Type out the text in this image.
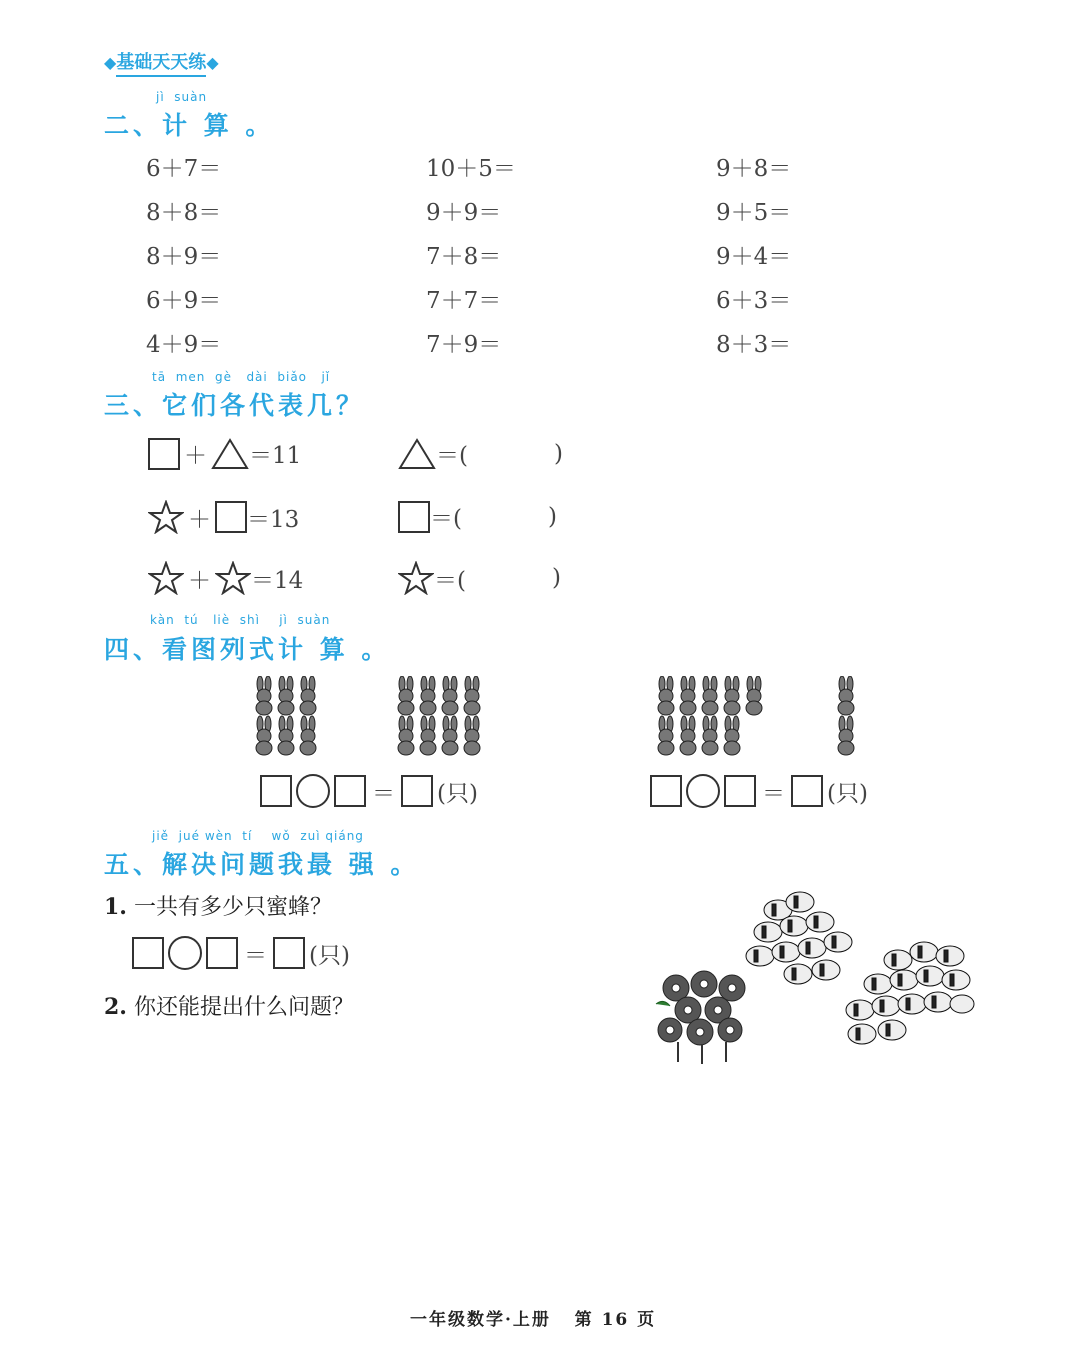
◆基础天天练◆
jì  suàn
二、计 算 。
6＋7＝	10＋5＝	9＋8＝
8＋8＝	9＋9＝	9＋5＝
8＋9＝	7＋8＝	9＋4＝
6＋9＝	7＋7＝	6＋3＝
4＋9＝	7＋9＝	8＋3＝
tā  men  gè   dài  biǎo   jǐ
三、它们各代表几？
＋ ＝11	＝(	)
＋ ＝13	＝(	)
＋ ＝14	＝(	)
kàn  tú   liè  shì    jì  suàn
四、看图列式计 算 。
＝ (只)	＝ (只)
jiě  jué wèn  tí    wǒ  zuì qiáng
五、解决问题我最 强 。
1. 一共有多少只蜜蜂？
＝ (只)
2. 你还能提出什么问题？
一年级数学·上册   第 16 页
